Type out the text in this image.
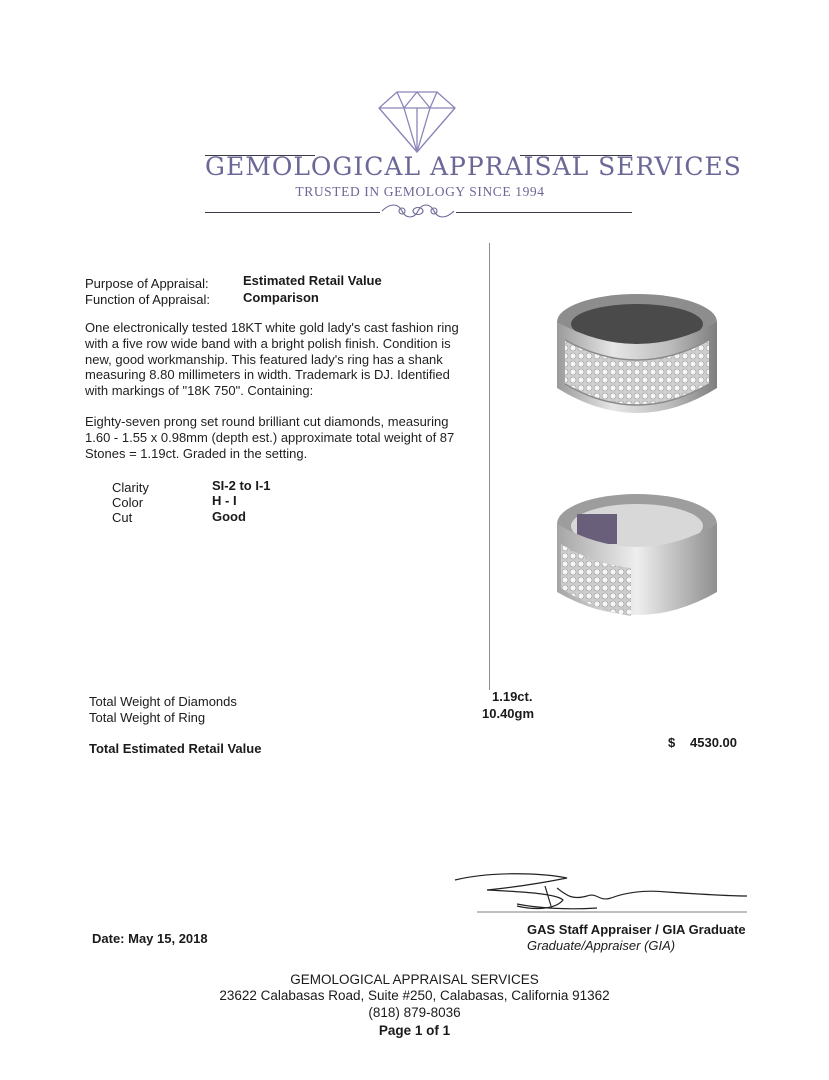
GEMOLOGICAL APPRAISAL SERVICES
TRUSTED IN GEMOLOGY SINCE 1994
Purpose of Appraisal:	Estimated Retail Value
Function of Appraisal:	Comparison
One electronically tested 18KT white gold lady's cast fashion ring
with a five row wide band with a bright polish finish. Condition is
new, good workmanship. This featured lady's ring has a shank
measuring 8.80 millimeters in width. Trademark is DJ. Identified
with markings of "18K 750". Containing:
Eighty-seven prong set round brilliant cut diamonds, measuring
1.60 - 1.55 x 0.98mm (depth est.) approximate total weight of 87
Stones = 1.19ct. Graded in the setting.
Clarity	SI-2 to I-1
Color	H - I
Cut	Good
Total Weight of Diamonds	1.19ct.
Total Weight of Ring	10.40gm
Total Estimated Retail Value	$ 4530.00
Date: May 15, 2018
GAS Staff Appraiser / GIA Graduate
Graduate/Appraiser (GIA)
GEMOLOGICAL APPRAISAL SERVICES
23622 Calabasas Road, Suite #250, Calabasas, California 91362
(818) 879-8036
Page 1 of 1
